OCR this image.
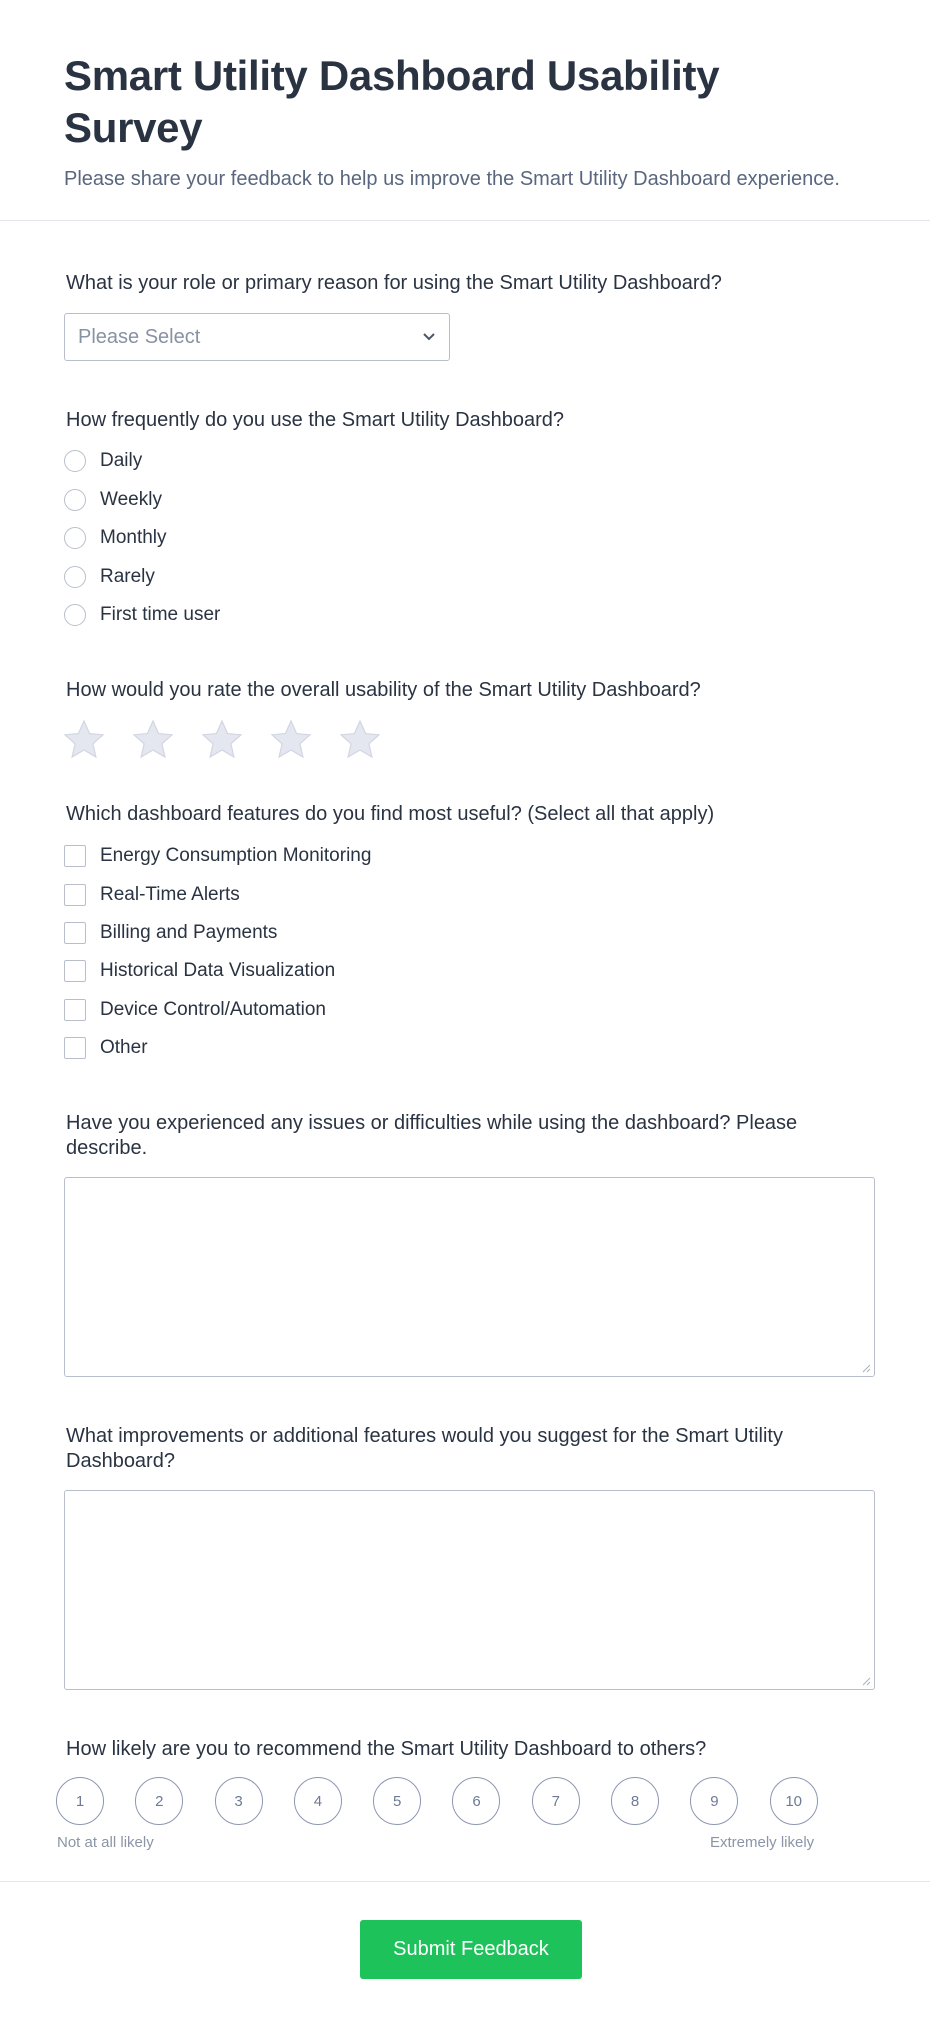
Smart Utility Dashboard Usability Survey
Please share your feedback to help us improve the Smart Utility Dashboard experience.
What is your role or primary reason for using the Smart Utility Dashboard?
Please Select
How frequently do you use the Smart Utility Dashboard?
Daily
Weekly
Monthly
Rarely
First time user
How would you rate the overall usability of the Smart Utility Dashboard?
Which dashboard features do you find most useful? (Select all that apply)
Energy Consumption Monitoring
Real-Time Alerts
Billing and Payments
Historical Data Visualization
Device Control/Automation
Other
Have you experienced any issues or difficulties while using the dashboard? Please describe.
What improvements or additional features would you suggest for the Smart Utility Dashboard?
How likely are you to recommend the Smart Utility Dashboard to others?
1	2	3	4	5	6	7	8	9	10
Not at all likely	Extremely likely
Submit Feedback
